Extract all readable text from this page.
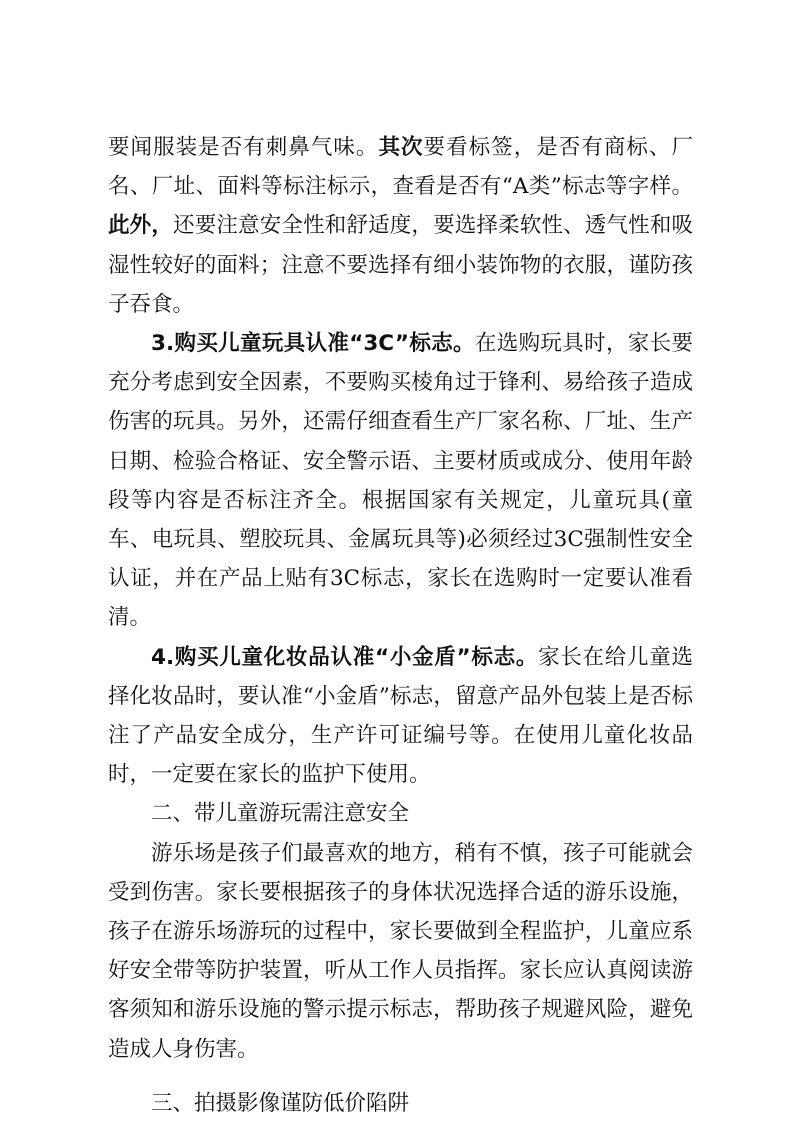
要闻服装是否有刺鼻气味。其次要看标签，是否有商标、厂名、厂址、面料等标注标示，查看是否有“A类”标志等字样。此外，还要注意安全性和舒适度，要选择柔软性、透气性和吸湿性较好的面料；注意不要选择有细小装饰物的衣服，谨防孩子吞食。

3.购买儿童玩具认准“3C”标志。在选购玩具时，家长要充分考虑到安全因素，不要购买棱角过于锋利、易给孩子造成伤害的玩具。另外，还需仔细查看生产厂家名称、厂址、生产日期、检验合格证、安全警示语、主要材质或成分、使用年龄段等内容是否标注齐全。根据国家有关规定，儿童玩具(童车、电玩具、塑胶玩具、金属玩具等)必须经过3C强制性安全认证，并在产品上贴有3C标志，家长在选购时一定要认准看清。

4.购买儿童化妆品认准“小金盾”标志。家长在给儿童选择化妆品时，要认准“小金盾”标志，留意产品外包装上是否标注了产品安全成分，生产许可证编号等。在使用儿童化妆品时，一定要在家长的监护下使用。

二、带儿童游玩需注意安全

游乐场是孩子们最喜欢的地方，稍有不慎，孩子可能就会受到伤害。家长要根据孩子的身体状况选择合适的游乐设施，孩子在游乐场游玩的过程中，家长要做到全程监护，儿童应系好安全带等防护装置，听从工作人员指挥。家长应认真阅读游客须知和游乐设施的警示提示标志，帮助孩子规避风险，避免造成人身伤害。

三、拍摄影像谨防低价陷阱
